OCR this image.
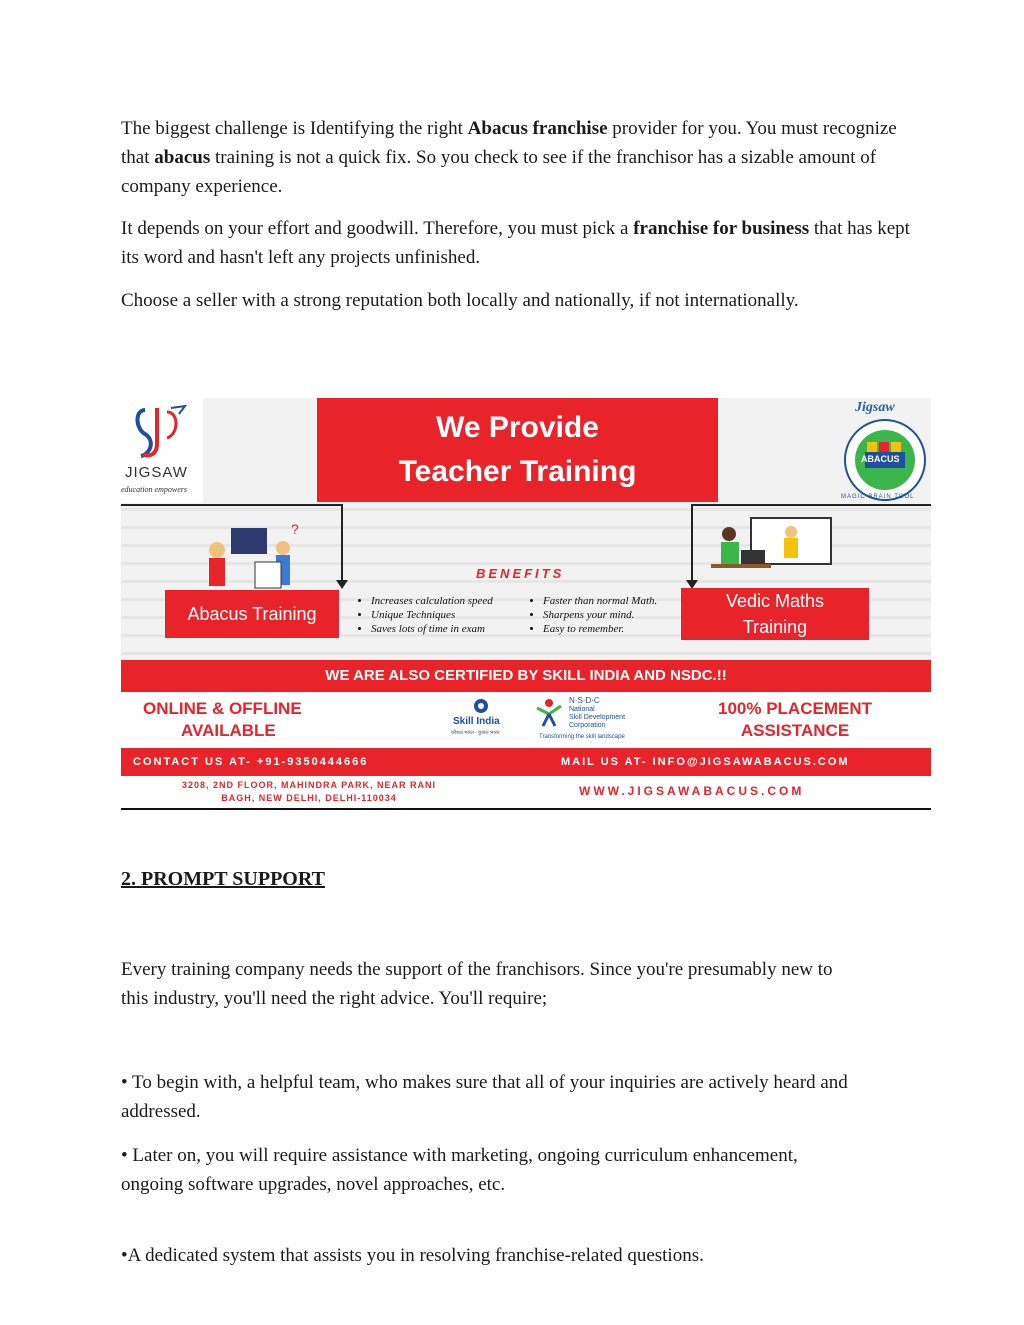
The biggest challenge is Identifying the right Abacus franchise provider for you. You must recognize that abacus training is not a quick fix. So you check to see if the franchisor has a sizable amount of company experience.

It depends on your effort and goodwill. Therefore, you must pick a franchise for business that has kept its word and hasn't left any projects unfinished.

Choose a seller with a strong reputation both locally and nationally, if not internationally.

JIGSAW
education empowers
We Provide
Teacher Training
Jigsaw
ABACUS
MAGIC BRAIN TOOL
?
BENEFITS
• Increases calculation speed
• Unique Techniques
• Saves lots of time in exam
• Faster than normal Math.
• Sharpens your mind.
• Easy to remember.
Abacus Training
Vedic Maths
Training
WE ARE ALSO CERTIFIED BY SKILL INDIA AND NSDC.!!
ONLINE & OFFLINE
AVAILABLE	Skill India
कौशल भारत - कुशल भारत
N·S·D·C
National
Skill Development
Corporation
Transforming the skill landscape
100% PLACEMENT
ASSISTANCE
CONTACT US AT- +91-9350444666	MAIL US AT- INFO@JIGSAWABACUS.COM
3208, 2ND FLOOR, MAHINDRA PARK, NEAR RANI
BAGH, NEW DELHI, DELHI-110034	WWW.JIGSAWABACUS.COM
2. PROMPT SUPPORT

Every training company needs the support of the franchisors. Since you're presumably new to this industry, you'll need the right advice. You'll require;

• To begin with, a helpful team, who makes sure that all of your inquiries are actively heard and addressed.

• Later on, you will require assistance with marketing, ongoing curriculum enhancement, ongoing software upgrades, novel approaches, etc.

•A dedicated system that assists you in resolving franchise-related questions.
